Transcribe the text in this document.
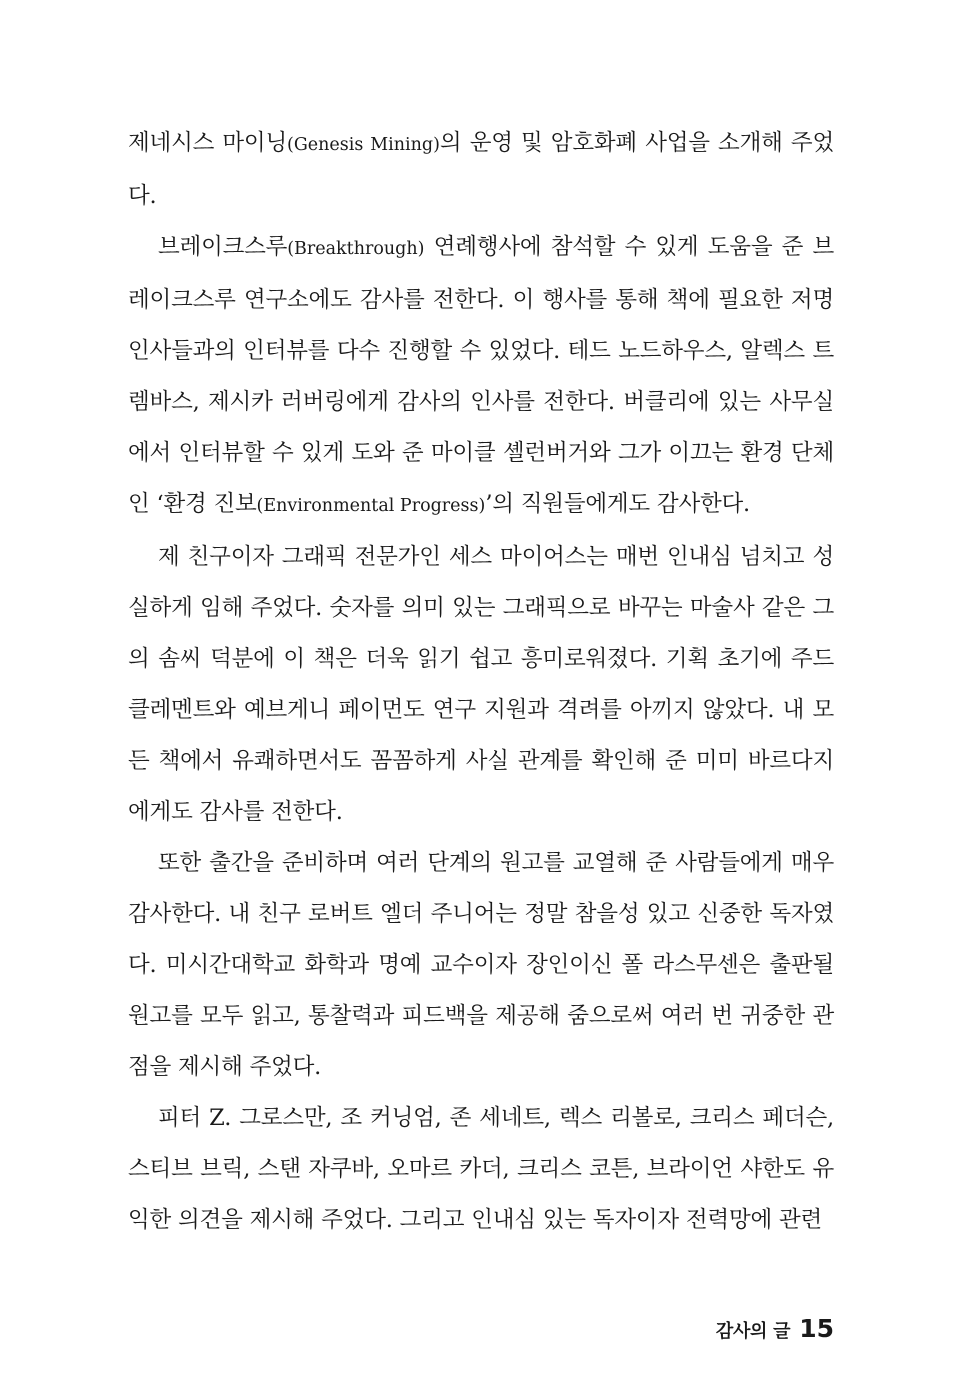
제네시스 마이닝(Genesis Mining)의 운영 및 암호화폐 사업을 소개해 주었다.

브레이크스루(Breakthrough) 연례행사에 참석할 수 있게 도움을 준 브레이크스루 연구소에도 감사를 전한다. 이 행사를 통해 책에 필요한 저명인사들과의 인터뷰를 다수 진행할 수 있었다. 테드 노드하우스, 알렉스 트렘바스, 제시카 러버링에게 감사의 인사를 전한다. 버클리에 있는 사무실에서 인터뷰할 수 있게 도와 준 마이클 셸런버거와 그가 이끄는 환경 단체인 ‘환경 진보(Environmental Progress)’의 직원들에게도 감사한다.

제 친구이자 그래픽 전문가인 세스 마이어스는 매번 인내심 넘치고 성실하게 임해 주었다. 숫자를 의미 있는 그래픽으로 바꾸는 마술사 같은 그의 솜씨 덕분에 이 책은 더욱 읽기 쉽고 흥미로워졌다. 기획 초기에 주드 클레멘트와 예브게니 페이먼도 연구 지원과 격려를 아끼지 않았다. 내 모든 책에서 유쾌하면서도 꼼꼼하게 사실 관계를 확인해 준 미미 바르다지에게도 감사를 전한다.

또한 출간을 준비하며 여러 단계의 원고를 교열해 준 사람들에게 매우 감사한다. 내 친구 로버트 엘더 주니어는 정말 참을성 있고 신중한 독자였다. 미시간대학교 화학과 명예 교수이자 장인이신 폴 라스무센은 출판될 원고를 모두 읽고, 통찰력과 피드백을 제공해 줌으로써 여러 번 귀중한 관점을 제시해 주었다.

피터 Z. 그로스만, 조 커닝엄, 존 세네트, 렉스 리볼로, 크리스 페더슨, 스티브 브릭, 스탠 자쿠바, 오마르 카더, 크리스 코튼, 브라이언 샤한도 유익한 의견을 제시해 주었다. 그리고 인내심 있는 독자이자 전력망에 관련

감사의 글 15
